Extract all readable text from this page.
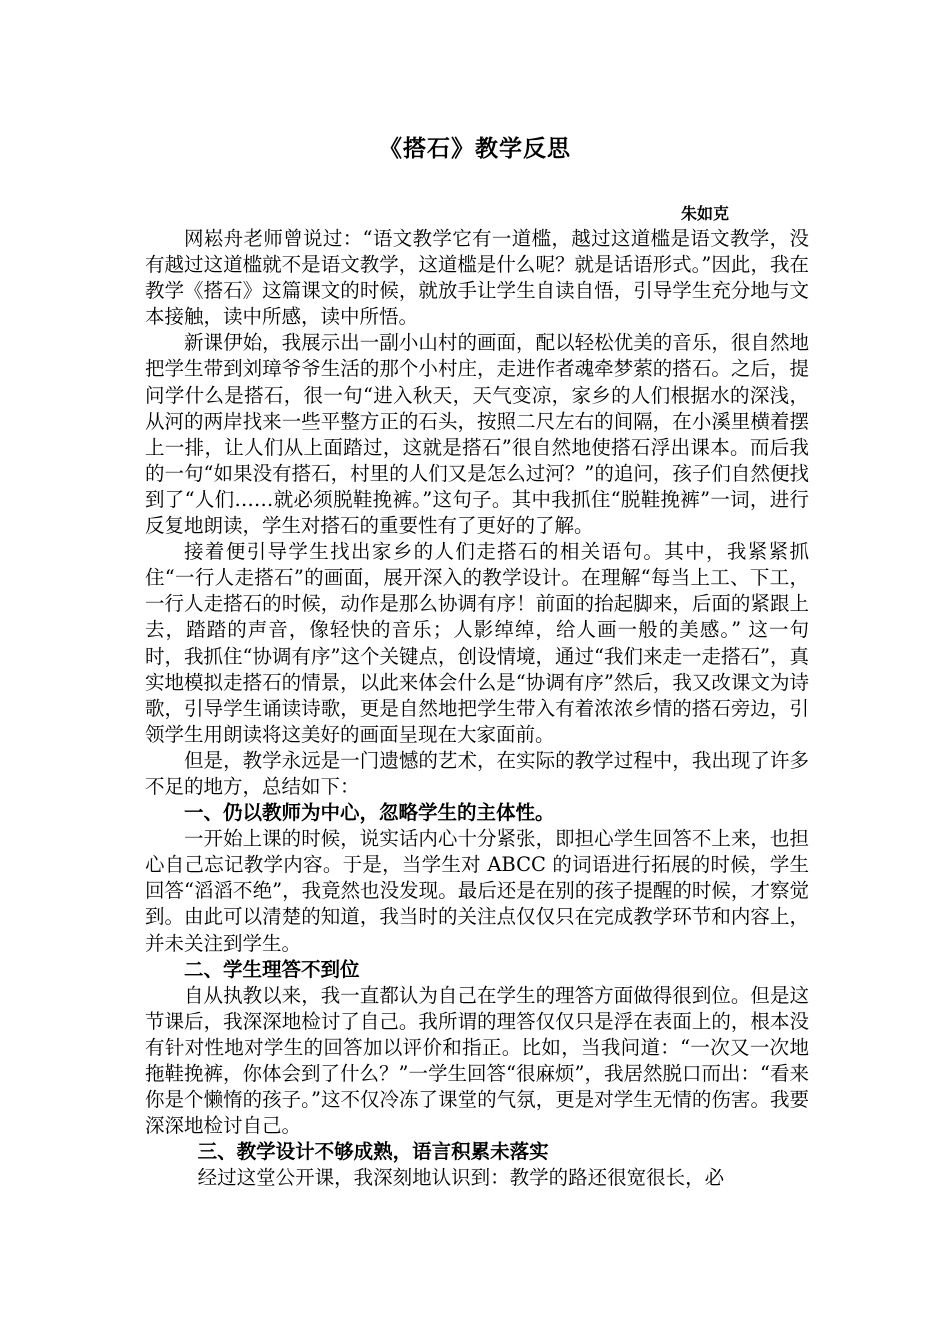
《搭石》教学反思
朱如克

网崧舟老师曾说过：“语文教学它有一道槛，越过这道槛是语文教学，没有越过这道槛就不是语文教学，这道槛是什么呢？就是话语形式。”因此，我在教学《搭石》这篇课文的时候，就放手让学生自读自悟，引导学生充分地与文本接触，读中所感，读中所悟。

新课伊始，我展示出一副小山村的画面，配以轻松优美的音乐，很自然地把学生带到刘璋爷爷生活的那个小村庄，走进作者魂牵梦萦的搭石。之后，提问学什么是搭石，很一句“进入秋天，天气变凉，家乡的人们根据水的深浅，从河的两岸找来一些平整方正的石头，按照二尺左右的间隔，在小溪里横着摆上一排，让人们从上面踏过，这就是搭石”很自然地使搭石浮出课本。而后我的一句“如果没有搭石，村里的人们又是怎么过河？”的追问，孩子们自然便找到了“人们……就必须脱鞋挽裤。”这句子。其中我抓住“脱鞋挽裤”一词，进行反复地朗读，学生对搭石的重要性有了更好的了解。

接着便引导学生找出家乡的人们走搭石的相关语句。其中，我紧紧抓住“一行人走搭石”的画面，展开深入的教学设计。在理解“每当上工、下工，一行人走搭石的时候，动作是那么协调有序！前面的抬起脚来，后面的紧跟上去，踏踏的声音，像轻快的音乐；人影绰绰，给人画一般的美感。” 这一句时，我抓住“协调有序”这个关键点，创设情境，通过“我们来走一走搭石”，真实地模拟走搭石的情景，以此来体会什么是“协调有序”然后，我又改课文为诗歌，引导学生诵读诗歌，更是自然地把学生带入有着浓浓乡情的搭石旁边，引领学生用朗读将这美好的画面呈现在大家面前。

但是，教学永远是一门遗憾的艺术，在实际的教学过程中，我出现了许多不足的地方，总结如下：

一、仍以教师为中心，忽略学生的主体性。

一开始上课的时候，说实话内心十分紧张，即担心学生回答不上来，也担心自己忘记教学内容。于是，当学生对 ABCC 的词语进行拓展的时候，学生回答“滔滔不绝”，我竟然也没发现。最后还是在别的孩子提醒的时候，才察觉到。由此可以清楚的知道，我当时的关注点仅仅只在完成教学环节和内容上，并未关注到学生。

二、学生理答不到位

自从执教以来，我一直都认为自己在学生的理答方面做得很到位。但是这节课后，我深深地检讨了自己。我所谓的理答仅仅只是浮在表面上的，根本没有针对性地对学生的回答加以评价和指正。比如，当我问道：“一次又一次地拖鞋挽裤，你体会到了什么？”一学生回答“很麻烦”，我居然脱口而出：“看来你是个懒惰的孩子。”这不仅冷冻了课堂的气氛，更是对学生无情的伤害。我要深深地检讨自己。

三、教学设计不够成熟，语言积累未落实

经过这堂公开课，我深刻地认识到：教学的路还很宽很长，必
